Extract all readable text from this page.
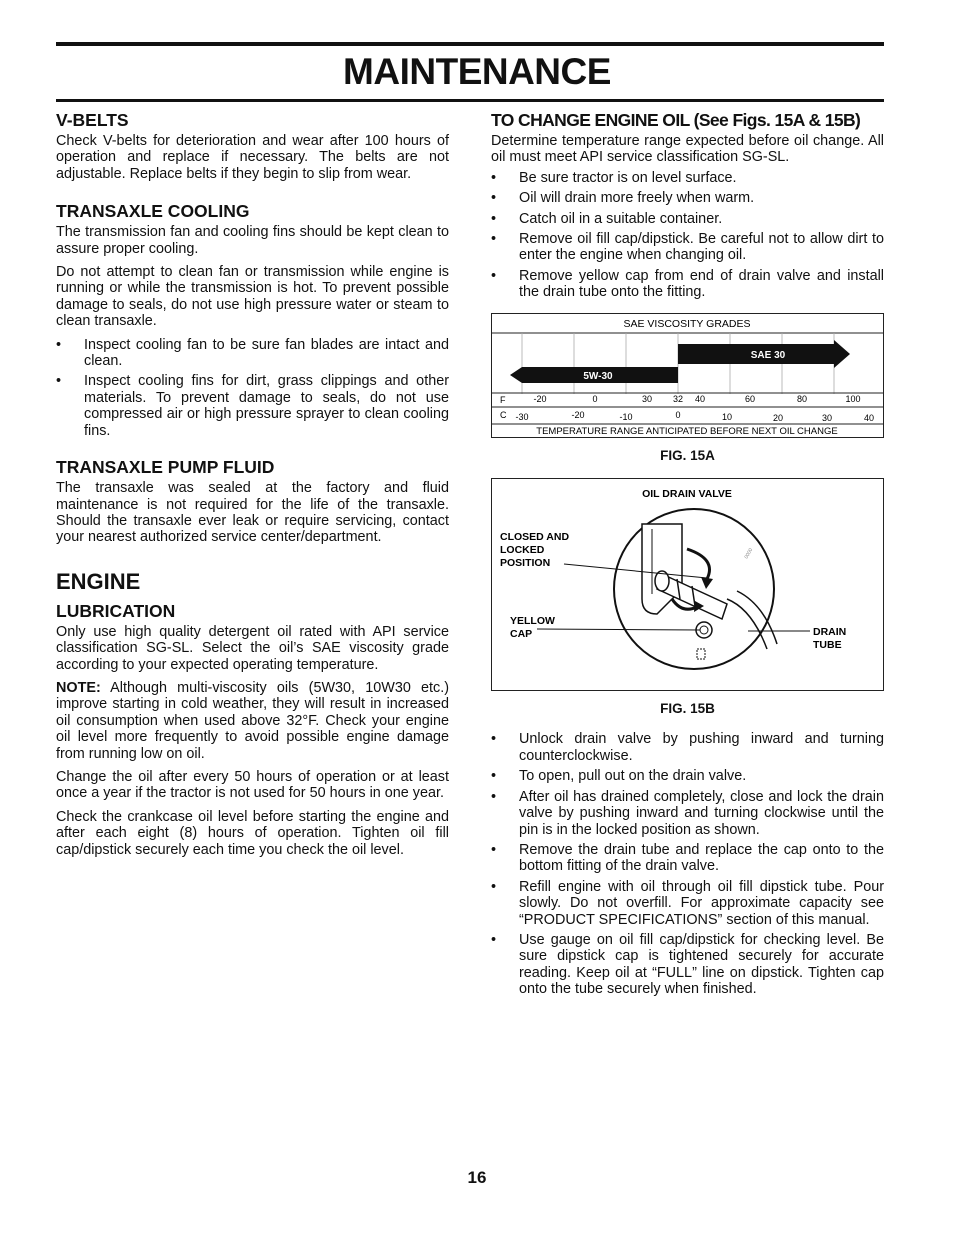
MAINTENANCE
V-BELTS

Check V-belts for deterioration and wear after 100 hours of operation and replace if necessary. The belts are not adjustable. Replace belts if they begin to slip from wear.

TRANSAXLE COOLING

The transmission fan and cooling fins should be kept clean to assure proper cooling.

Do not attempt to clean fan or transmission while engine is running or while the transmission is hot. To prevent possible damage to seals, do not use high pressure water or steam to clean transaxle.

• Inspect cooling fan to be sure fan blades are intact and clean.
• Inspect cooling fins for dirt, grass clippings and other materials. To prevent damage to seals, do not use compressed air or high pressure sprayer to clean cooling fins.
TRANSAXLE PUMP FLUID

The transaxle was sealed at the factory and fluid maintenance is not required for the life of the transaxle. Should the transaxle ever leak or require servicing, contact your nearest authorized service center/department.

ENGINE
LUBRICATION

Only use high quality detergent oil rated with API service classification SG-SL. Select the oil’s SAE viscosity grade according to your expected operating temperature.

NOTE: Although multi-viscosity oils (5W30, 10W30 etc.) improve starting in cold weather, they will result in increased oil consumption when used above 32°F. Check your engine oil level more frequently to avoid possible engine damage from running low on oil.

Change the oil after every 50 hours of operation or at least once a year if the tractor is not used for 50 hours in one year.

Check the crankcase oil level before starting the engine and after each eight (8) hours of operation. Tighten oil fill cap/dipstick securely each time you check the oil level.

TO CHANGE ENGINE OIL (See Figs. 15A & 15B)

Determine temperature range expected before oil change. All oil must meet API service classification SG-SL.

• Be sure tractor is on level surface.
• Oil will drain more freely when warm.
• Catch oil in a suitable container.
• Remove oil fill cap/dipstick. Be careful not to allow dirt to enter the engine when changing oil.
• Remove yellow cap from end of drain valve and install the drain tube onto the fitting.
SAE VISCOSITY GRADES
5W-30
SAE 30
F	-20	0	30 32 40	60	80	100
C -30	-20	-10	0	10	20	30	40
TEMPERATURE RANGE ANTICIPATED BEFORE NEXT OIL CHANGE
FIG. 15A
OIL DRAIN VALVE
0000
CLOSED AND LOCKED POSITION
YELLOW CAP	DRAIN TUBE
FIG. 15B
• Unlock drain valve by pushing inward and turning counterclockwise.
• To open, pull out on the drain valve.
• After oil has drained completely, close and lock the drain valve by pushing inward and turning clockwise until the pin is in the locked position as shown.
• Remove the drain tube and replace the cap onto to the bottom fitting of the drain valve.
• Refill engine with oil through oil fill dipstick tube. Pour slowly. Do not overfill. For approximate capacity see “PRODUCT SPECIFICATIONS” section of this manual.
• Use gauge on oil fill cap/dipstick for checking level. Be sure dipstick cap is tightened securely for accurate reading. Keep oil at “FULL” line on dipstick. Tighten cap onto the tube securely when finished.
16
